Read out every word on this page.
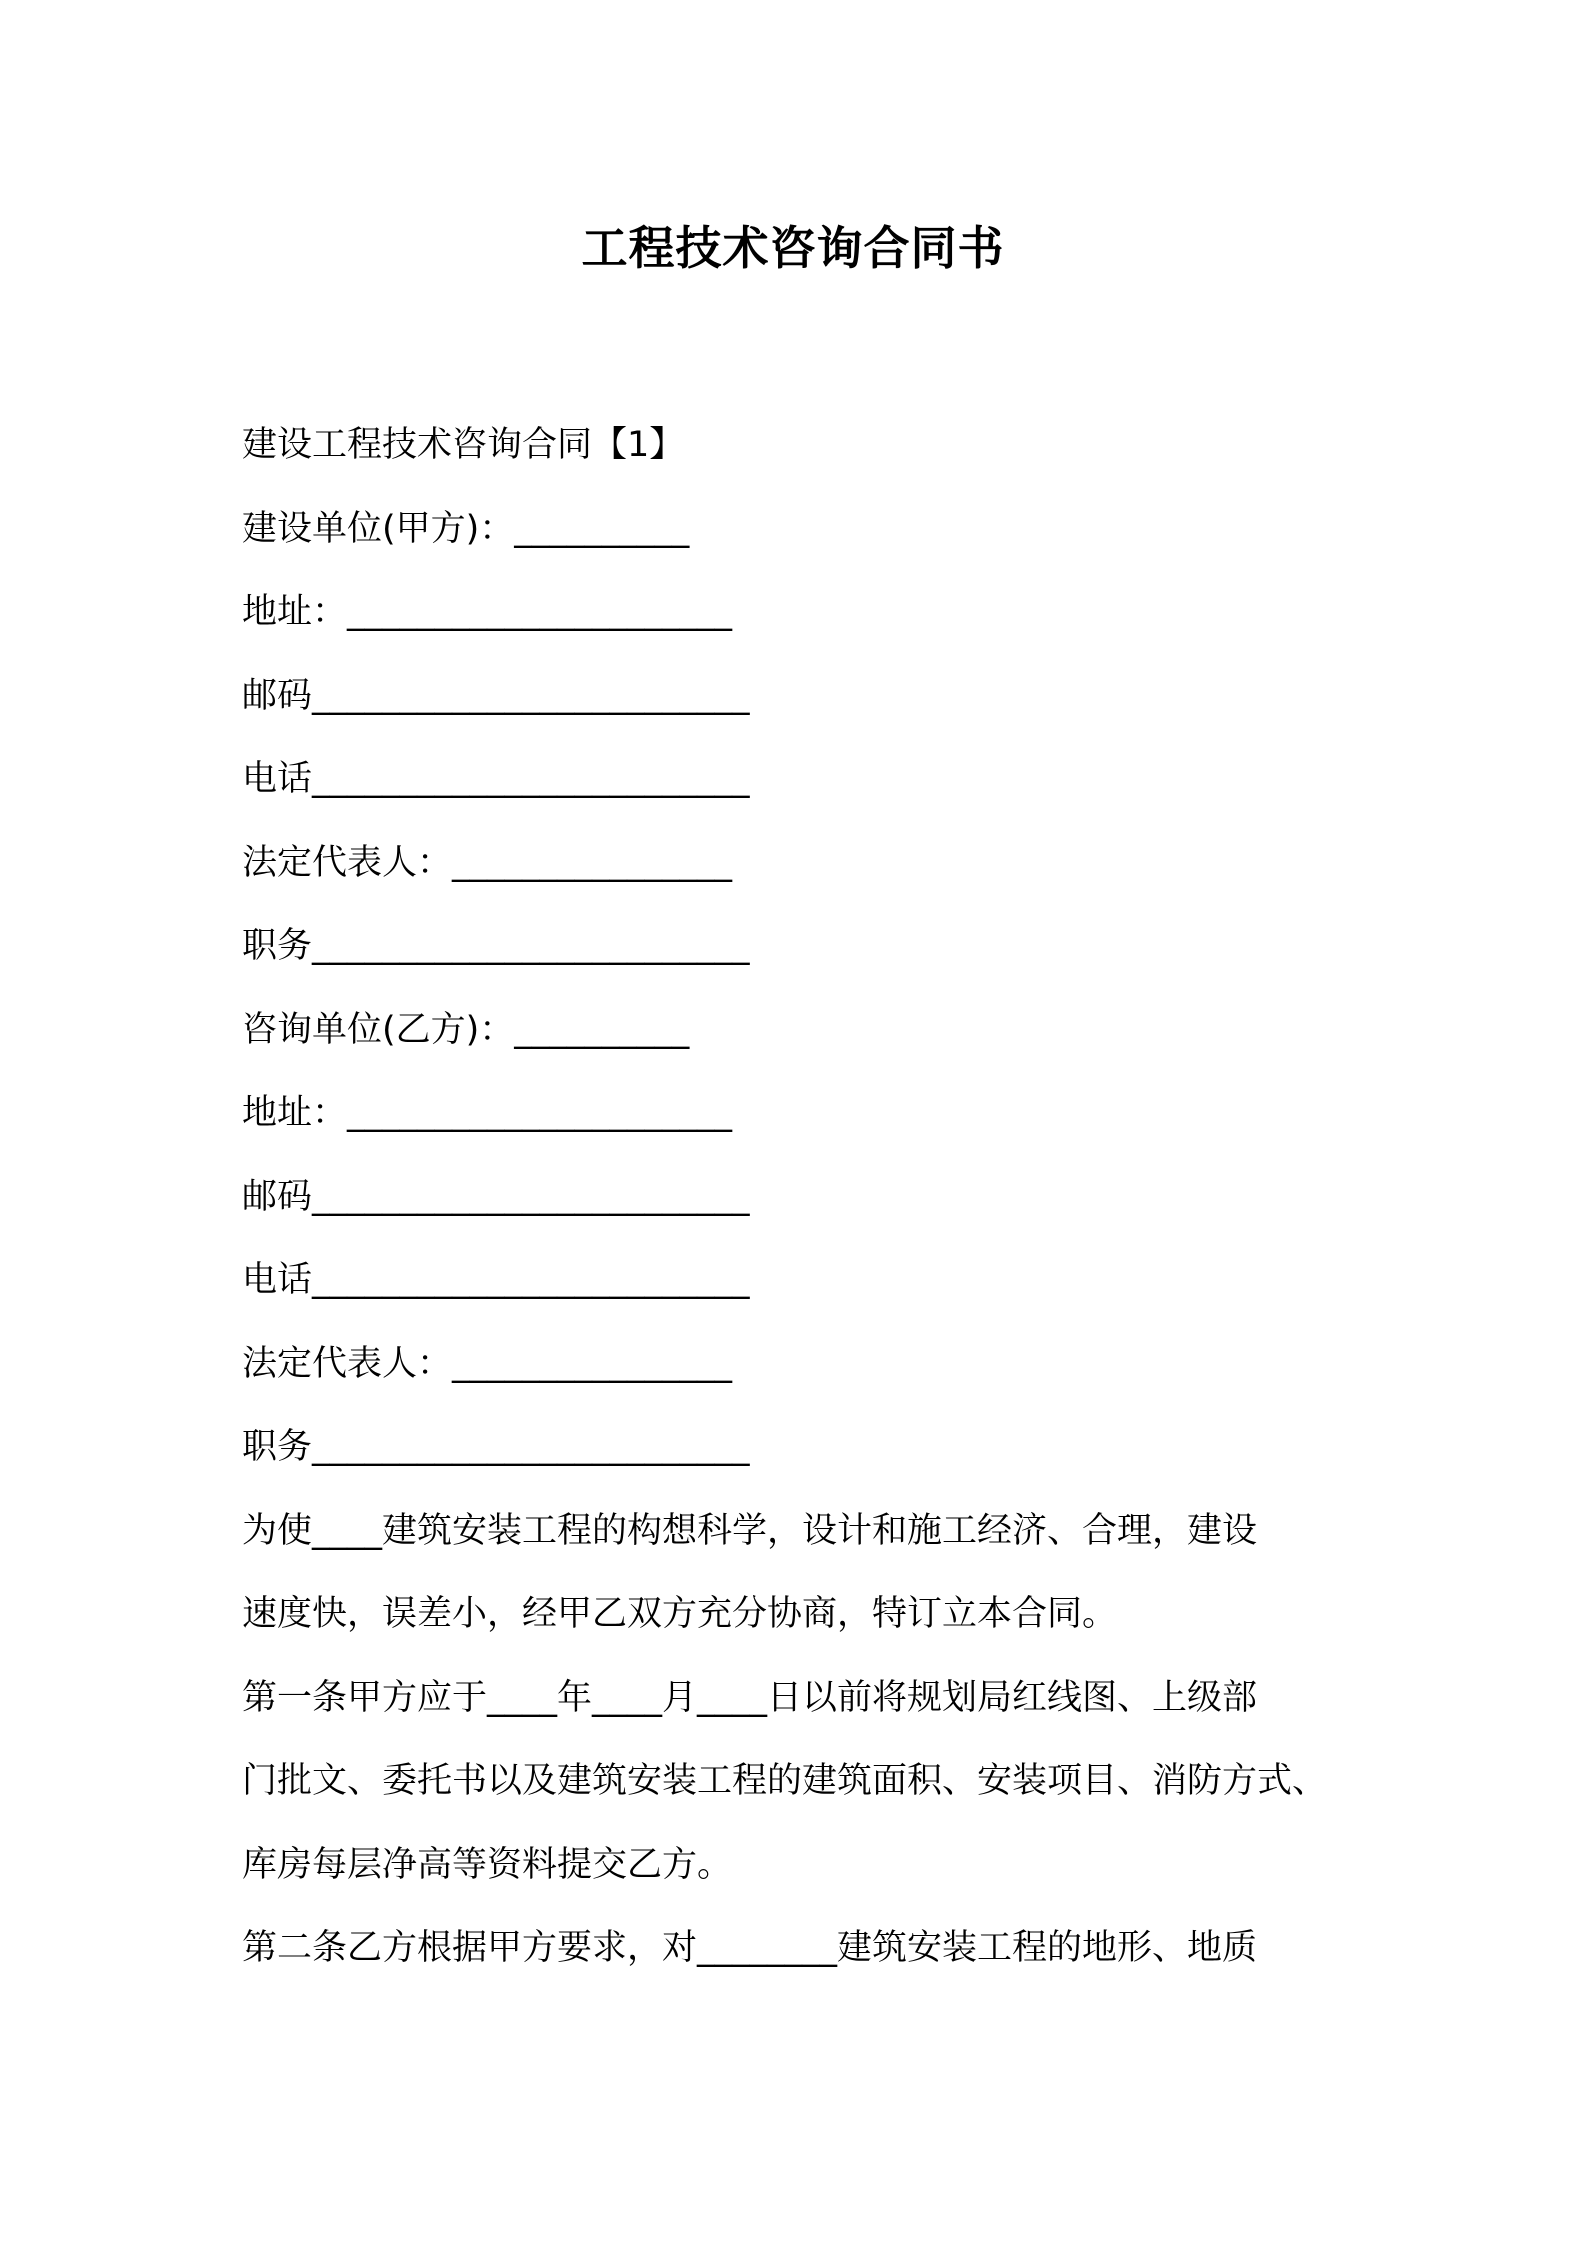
工程技术咨询合同书
建设工程技术咨询合同【1】
建设单位(甲方)：__________
地址：______________________
邮码_________________________
电话_________________________
法定代表人：________________
职务_________________________
咨询单位(乙方)：__________
地址：______________________
邮码_________________________
电话_________________________
法定代表人：________________
职务_________________________
为使____建筑安装工程的构想科学，设计和施工经济、合理，建设
速度快，误差小，经甲乙双方充分协商，特订立本合同。
第一条甲方应于____年____月____日以前将规划局红线图、上级部
门批文、委托书以及建筑安装工程的建筑面积、安装项目、消防方式、
库房每层净高等资料提交乙方。
第二条乙方根据甲方要求，对________建筑安装工程的地形、地质
